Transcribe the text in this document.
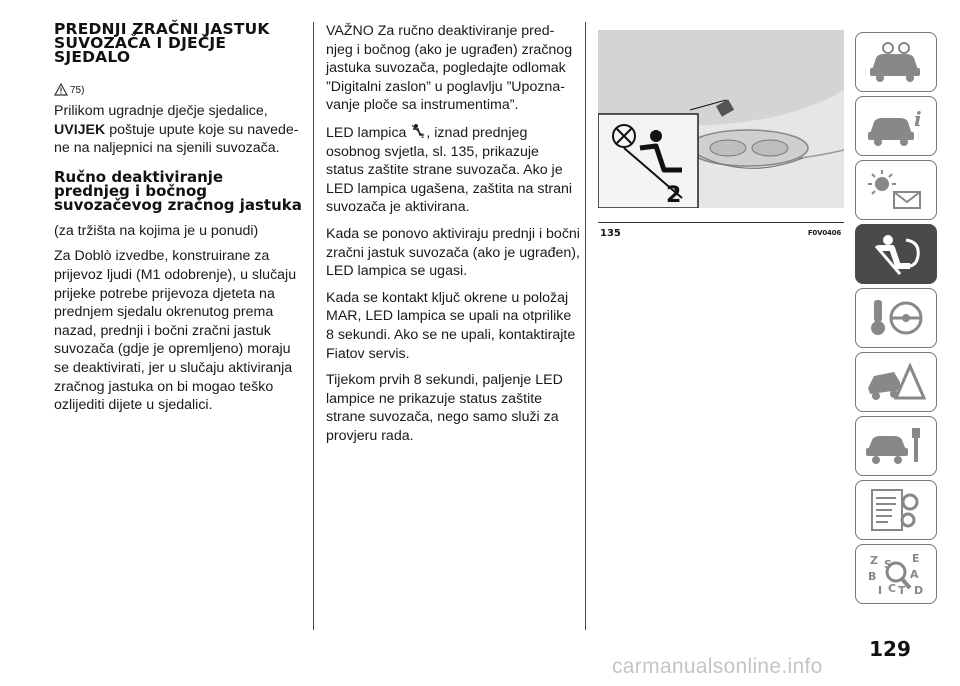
PREDNJI ZRAČNI JASTUK SUVOZAČA I DJEČJE SJEDALO
75)

Prilikom ugradnje dječje sjedalice,
UVIJEK poštuje upute koje su navede-ne na naljepnici na sjenili suvozača.

Ručno deaktiviranje prednjeg i bočnog suvozačevog zračnog jastuka

(za tržišta na kojima je u ponudi)

Za Doblò izvedbe, konstruirane za prijevoz ljudi (M1 odobrenje), u slučaju prijeke potrebe prijevoza djeteta na prednjem sjedalu okrenutog prema nazad, prednji i bočni zračni jastuk suvozača (gdje je opremljeno) moraju se deaktivirati, jer u slučaju aktiviranja zračnog jastuka on bi mogao teško ozlijediti dijete u sjedalici.

VAŽNO Za ručno deaktiviranje pred-njeg i bočnog (ako je ugrađen) zračnog jastuka suvozača, pogledajte odlomak ”Digitalni zaslon” u poglavlju ”Upozna-vanje ploče sa instrumentima”.

LED lampica 2 , iznad prednjeg osobnog svjetla, sl. 135, prikazuje status zaštite strane suvozača. Ako je LED lampica ugašena, zaštita na strani suvozača je aktivirana.

Kada se ponovo aktiviraju prednji i bočni zračni jastuk suvozača (ako je ugrađen), LED lampica se ugasi.

Kada se kontakt ključ okrene u položaj MAR, LED lampica se upali na otprilike 8 sekundi. Ako se ne upali, kontaktirajte Fiatov servis.

Tijekom prvih 8 sekundi, paljenje LED lampice ne prikazuje status zaštite strane suvozača, nego samo služi za provjeru rada.

2
135	F0V0406
i
Z	E
S
A
B
C T D
I
129
carmanualsonline.info
